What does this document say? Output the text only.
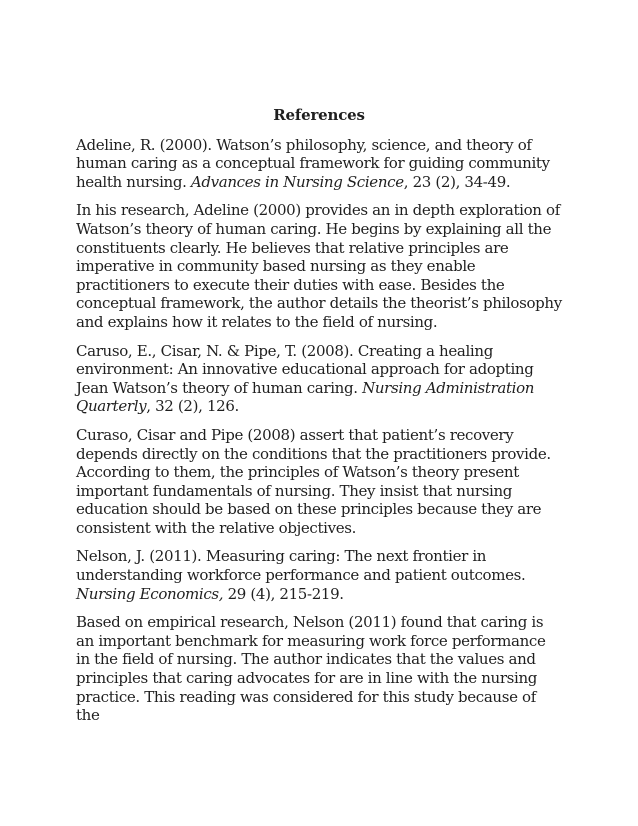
References
Adeline, R. (2000). Watson’s philosophy, science, and theory of human caring as a conceptual framework for guiding community health nursing. Advances in Nursing Science, 23 (2), 34-49.
In his research, Adeline (2000) provides an in depth exploration of Watson’s theory of human caring. He begins by explaining all the constituents clearly. He believes that relative principles are imperative in community based nursing as they enable practitioners to execute their duties with ease. Besides the conceptual framework, the author details the theorist’s philosophy and explains how it relates to the field of nursing.
Caruso, E., Cisar, N. & Pipe, T. (2008). Creating a healing environment: An innovative educational approach for adopting Jean Watson’s theory of human caring. Nursing Administration Quarterly, 32 (2), 126.
Curaso, Cisar and Pipe (2008) assert that patient’s recovery depends directly on the conditions that the practitioners provide. According to them, the principles of Watson’s theory present important fundamentals of nursing. They insist that nursing education should be based on these principles because they are consistent with the relative objectives.
Nelson, J. (2011). Measuring caring: The next frontier in understanding workforce performance and patient outcomes. Nursing Economics, 29 (4), 215-219.
Based on empirical research, Nelson (2011) found that caring is an important benchmark for measuring work force performance in the field of nursing. The author indicates that the values and principles that caring advocates for are in line with the nursing practice. This reading was considered for this study because of the
